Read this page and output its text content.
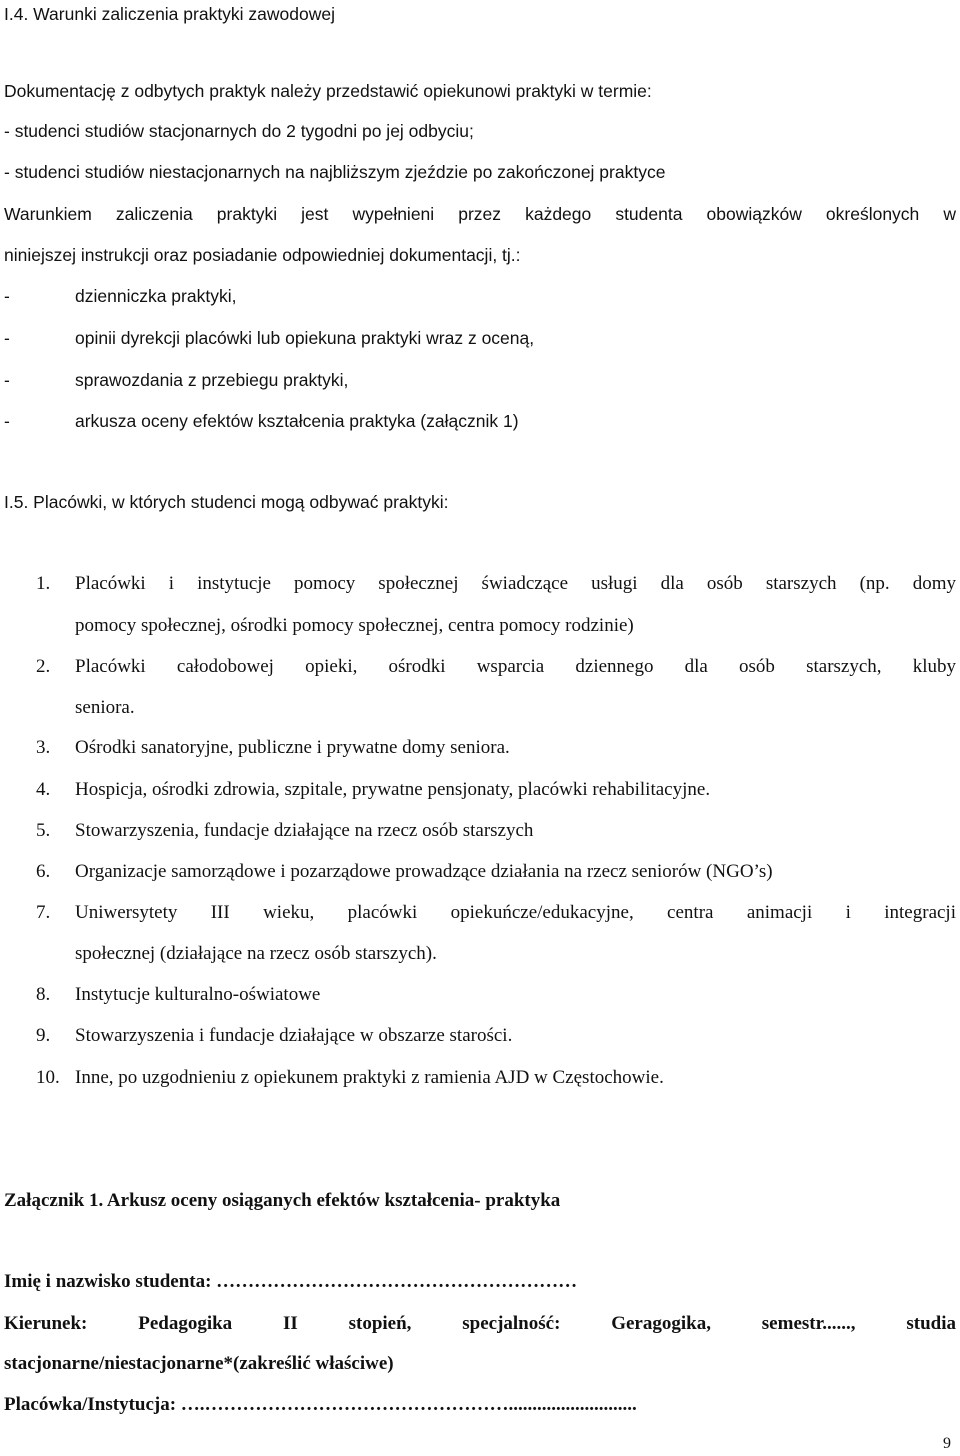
I.4. Warunki zaliczenia praktyki zawodowej
Dokumentację z odbytych praktyk należy przedstawić opiekunowi praktyki w termie:
- studenci studiów stacjonarnych do 2 tygodni po jej odbyciu;
- studenci studiów niestacjonarnych na najbliższym zjeździe po zakończonej praktyce
Warunkiem zaliczenia praktyki jest wypełnieni przez każdego studenta obowiązków określonych w
niniejszej instrukcji oraz posiadanie odpowiedniej dokumentacji, tj.:
-	dzienniczka praktyki,
-	opinii dyrekcji placówki lub opiekuna praktyki wraz z oceną,
-	sprawozdania z przebiegu praktyki,
-	arkusza oceny efektów kształcenia praktyka (załącznik 1)
I.5. Placówki, w których studenci mogą odbywać praktyki:
1. Placówki i instytucje pomocy społecznej świadczące usługi dla osób starszych (np. domy
pomocy społecznej, ośrodki pomocy społecznej, centra pomocy rodzinie)
2. Placówki całodobowej opieki, ośrodki wsparcia dziennego dla osób starszych, kluby
seniora.
3. Ośrodki sanatoryjne, publiczne i prywatne domy seniora.
4. Hospicja, ośrodki zdrowia, szpitale, prywatne pensjonaty, placówki rehabilitacyjne.
5. Stowarzyszenia, fundacje działające na rzecz osób starszych
6. Organizacje samorządowe i pozarządowe prowadzące działania na rzecz seniorów (NGO’s)
7. Uniwersytety III wieku, placówki opiekuńcze/edukacyjne, centra animacji i integracji
społecznej (działające na rzecz osób starszych).
8. Instytucje kulturalno-oświatowe
9. Stowarzyszenia i fundacje działające w obszarze starości.
10. Inne, po uzgodnieniu z opiekunem praktyki z ramienia AJD w Częstochowie.
Załącznik 1. Arkusz oceny osiąganych efektów kształcenia- praktyka
Imię i nazwisko studenta: …………………………………………………
Kierunek: Pedagogika II stopień, specjalność: Geragogika, semestr......, studia
stacjonarne/niestacjonarne*(zakreślić właściwe)
Placówka/Instytucja: ….…………………………………………...........................
9
